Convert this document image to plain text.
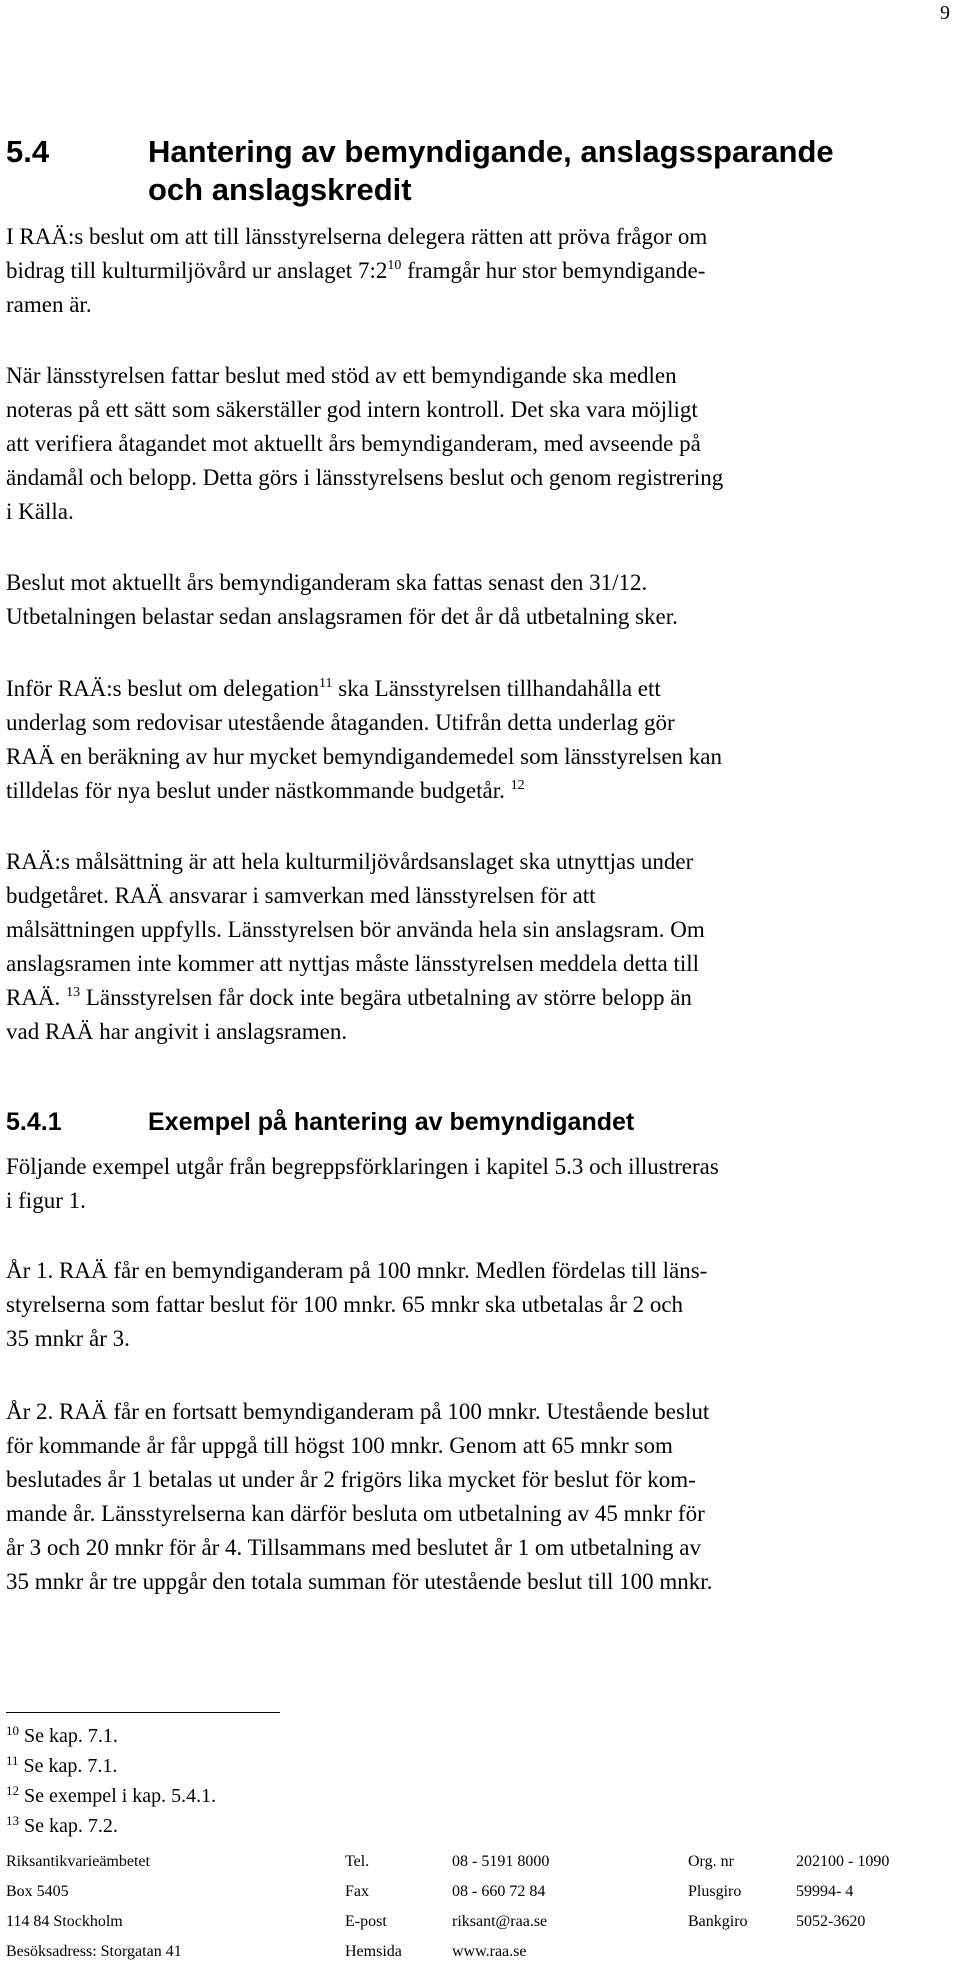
9
5.4	Hantering av bemyndigande, anslagssparande
och anslagskredit
I RAÄ:s beslut om att till länsstyrelserna delegera rätten att pröva frågor om
bidrag till kulturmiljövård ur anslaget $7:2^{10}$ framgår hur stor bemyndigande-
ramen är.
När länsstyrelsen fattar beslut med stöd av ett bemyndigande ska medlen
noteras på ett sätt som säkerställer god intern kontroll. Det ska vara möjligt
att verifiera åtagandet mot aktuellt års bemyndiganderam, med avseende på
ändamål och belopp. Detta görs i länsstyrelsens beslut och genom registrering
i Källa.
Beslut mot aktuellt års bemyndiganderam ska fattas senast den 31/12.
Utbetalningen belastar sedan anslagsramen för det år då utbetalning sker.
Inför RAÄ:s beslut om delegation$^{11}$ ska Länsstyrelsen tillhandahålla ett
underlag som redovisar utestående åtaganden. Utifrån detta underlag gör
RAÄ en beräkning av hur mycket bemyndigandemedel som länsstyrelsen kan
tilldelas för nya beslut under nästkommande budgetår. $^{12}$
RAÄ:s målsättning är att hela kulturmiljövårdsanslaget ska utnyttjas under
budgetåret. RAÄ ansvarar i samverkan med länsstyrelsen för att
målsättningen uppfylls. Länsstyrelsen bör använda hela sin anslagsram. Om
anslagsramen inte kommer att nyttjas måste länsstyrelsen meddela detta till
RAÄ. $^{13}$ Länsstyrelsen får dock inte begära utbetalning av större belopp än
vad RAÄ har angivit i anslagsramen.
5.4.1	Exempel på hantering av bemyndigandet
Följande exempel utgår från begreppsförklaringen i kapitel 5.3 och illustreras
i figur 1.
År 1. RAÄ får en bemyndiganderam på 100 mnkr. Medlen fördelas till läns-
styrelserna som fattar beslut för 100 mnkr. 65 mnkr ska utbetalas år 2 och
35 mnkr år 3.
År 2. RAÄ får en fortsatt bemyndiganderam på 100 mnkr. Utestående beslut
för kommande år får uppgå till högst 100 mnkr. Genom att 65 mnkr som
beslutades år 1 betalas ut under år 2 frigörs lika mycket för beslut för kom-
mande år. Länsstyrelserna kan därför besluta om utbetalning av 45 mnkr för
år 3 och 20 mnkr för år 4. Tillsammans med beslutet år 1 om utbetalning av
35 mnkr år tre uppgår den totala summan för utestående beslut till 100 mnkr.
$^{10}$ Se kap. 7.1.
$^{11}$ Se kap. 7.1.
$^{12}$ Se exempel i kap. 5.4.1.
$^{13}$ Se kap. 7.2.
Riksantikvarieämbetet	Tel.	08 - 5191 8000	Org. nr	202100 - 1090
Box 5405	Fax	08 - 660 72 84	Plusgiro	59994- 4
114 84 Stockholm	E-post	riksant@raa.se	Bankgiro	5052-3620
Besöksadress: Storgatan 41	Hemsida	www.raa.se
